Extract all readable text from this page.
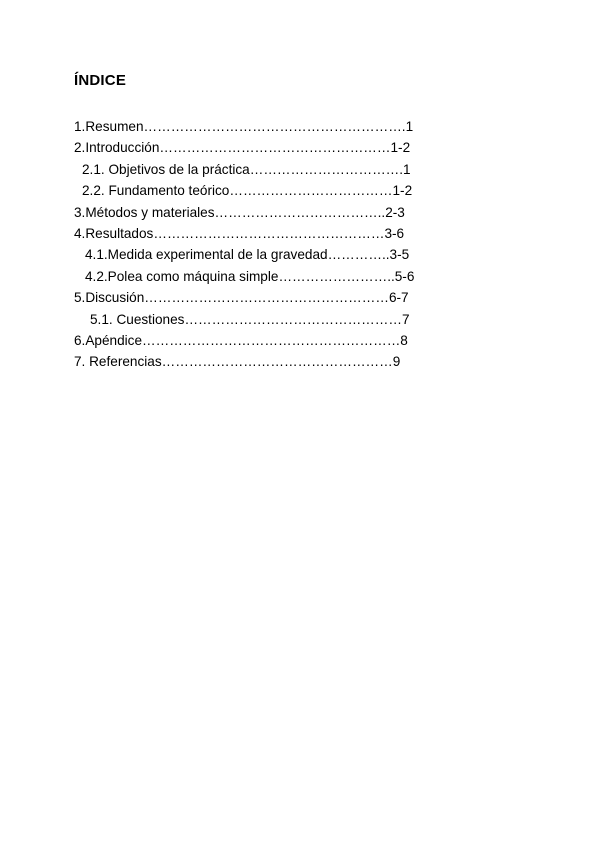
ÍNDICE
1.Resumen………………………………………………….1
2.Introducción……………………………………………1-2
2.1. Objetivos de la práctica…………………………….1
2.2. Fundamento teórico………………………………1-2
3.Métodos y materiales………………………………..2-3
4.Resultados……………………………………………3-6
4.1.Medida experimental de la gravedad…………..3-5
4.2.Polea como máquina simple……………………..5-6
5.Discusión………………………………………………6-7
5.1. Cuestiones…………………………………………7
6.Apéndice…………………………………………………8
7. Referencias……………………………………………9
